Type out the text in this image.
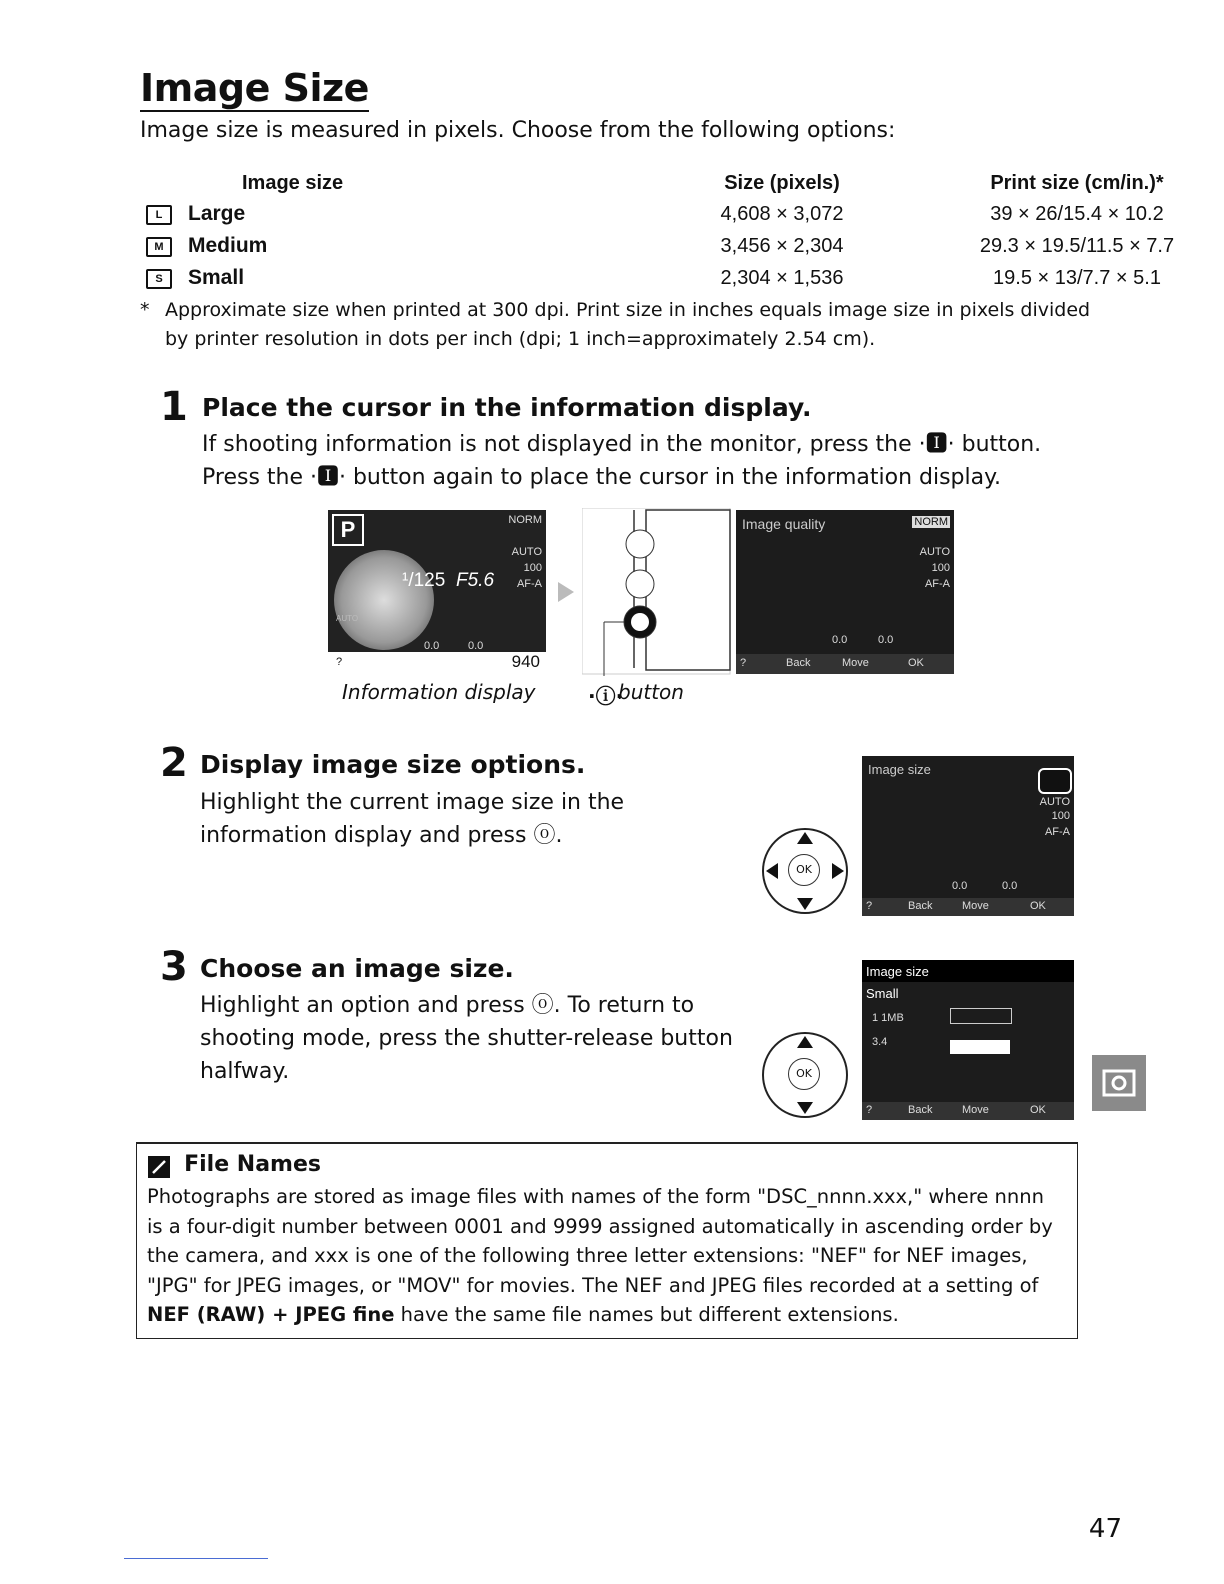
Image Size
Image size is measured in pixels. Choose from the following options:
Image size	Size (pixels)	Print size (cm/in.)*
L Large	4,608 × 3,072	39 × 26/15.4 × 10.2
M Medium	3,456 × 2,304	29.3 × 19.5/11.5 × 7.7
S Small	2,304 × 1,536	19.5 × 13/7.7 × 5.1
* Approximate size when printed at 300 dpi. Print size in inches equals image size in pixels divided by printer resolution in dots per inch (dpi; 1 inch=approximately 2.54 cm).
1 Place the cursor in the information display.
If shooting information is not displayed in the monitor, press the ·🅸· button.
Press the ·🅸· button again to place the cursor in the information display.
P
AUTO
¹/125 F5.6
NORM
AUTO
100
AF-A
0.0	0.0
?	940
Image quality	NORM
AUTO
100
AF-A
0.0	0.0
?	Back	Move	OK
Information display	·ⓘ·
button
2 Display image size options.
Highlight the current image size in the
information display and press ⓞ.
OK
Image size
AUTO
100
AF-A
0.0	0.0
?	Back	Move	OK
3 Choose an image size.
Highlight an option and press ⓞ. To return to
shooting mode, press the shutter-release button
halfway.	OK
Image size
Small
1 1MB
3.4
?	Back	Move	OK
File Names
Photographs are stored as image files with names of the form "DSC_nnnn.xxx," where nnnn
is a four-digit number between 0001 and 9999 assigned automatically in ascending order by
the camera, and xxx is one of the following three letter extensions: "NEF" for NEF images,
"JPG" for JPEG images, or "MOV" for movies. The NEF and JPEG files recorded at a setting of
NEF (RAW) + JPEG fine have the same file names but different extensions.
47
